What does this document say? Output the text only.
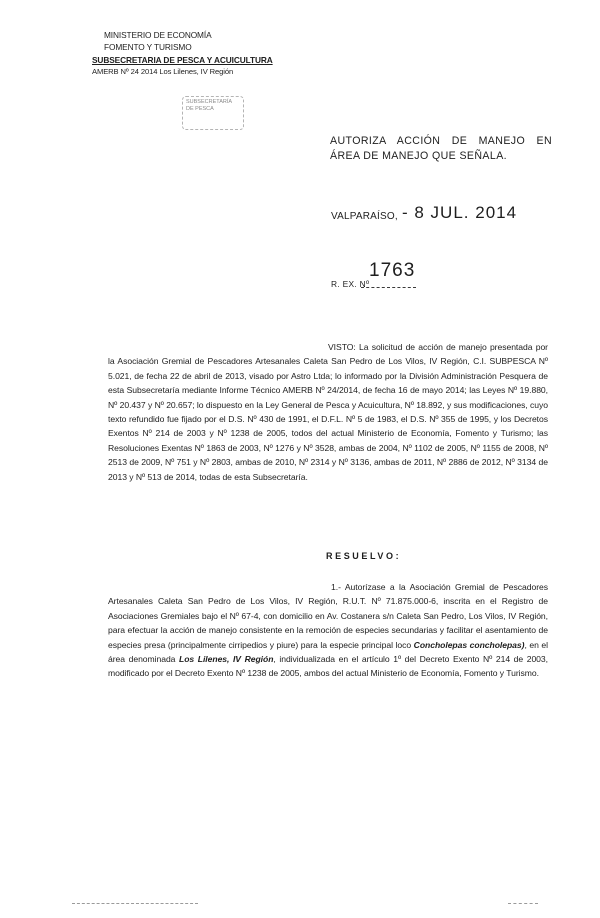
MINISTERIO DE ECONOMÍA
FOMENTO Y TURISMO
SUBSECRETARIA DE PESCA Y ACUICULTURA
AMERB Nº 24 2014 Los Lilenes, IV Región
SUBSECRETARÍA
DE PESCA
AUTORIZA ACCIÓN DE MANEJO EN ÁREA DE MANEJO QUE SEÑALA.
VALPARAÍSO, - 8 JUL. 2014
R. EX. Nº
1763
VISTO: La solicitud de acción de manejo presentada por la Asociación Gremial de Pescadores Artesanales Caleta San Pedro de Los Vilos, IV Región, C.I. SUBPESCA Nº 5.021, de fecha 22 de abril de 2013, visado por Astro Ltda; lo informado por la División Administración Pesquera de esta Subsecretaría mediante Informe Técnico AMERB Nº 24/2014, de fecha 16 de mayo 2014; las Leyes Nº 19.880, Nº 20.437 y Nº 20.657; lo dispuesto en la Ley General de Pesca y Acuicultura, Nº 18.892, y sus modificaciones, cuyo texto refundido fue fijado por el D.S. Nº 430 de 1991, el D.F.L. Nº 5 de 1983, el D.S. Nº 355 de 1995, y los Decretos Exentos Nº 214 de 2003 y Nº 1238 de 2005, todos del actual Ministerio de Economía, Fomento y Turismo; las Resoluciones Exentas Nº 1863 de 2003, Nº 1276 y Nº 3528, ambas de 2004, Nº 1102 de 2005, Nº 1155 de 2008, Nº 2513 de 2009, Nº 751 y Nº 2803, ambas de 2010, Nº 2314 y Nº 3136, ambas de 2011, Nº 2886 de 2012, Nº 3134 de 2013 y Nº 513 de 2014, todas de esta Subsecretaría.
RESUELVO:
1.- Autorízase a la Asociación Gremial de Pescadores Artesanales Caleta San Pedro de Los Vilos, IV Región, R.U.T. Nº 71.875.000-6, inscrita en el Registro de Asociaciones Gremiales bajo el Nº 67-4, con domicilio en Av. Costanera s/n Caleta San Pedro, Los Vilos, IV Región, para efectuar la acción de manejo consistente en la remoción de especies secundarias y facilitar el asentamiento de especies presa (principalmente cirripedios y piure) para la especie principal loco Concholepas concholepas), en el área denominada Los Lilenes, IV Región, individualizada en el artículo 1º del Decreto Exento Nº 214 de 2003, modificado por el Decreto Exento Nº 1238 de 2005, ambos del actual Ministerio de Economía, Fomento y Turismo.
